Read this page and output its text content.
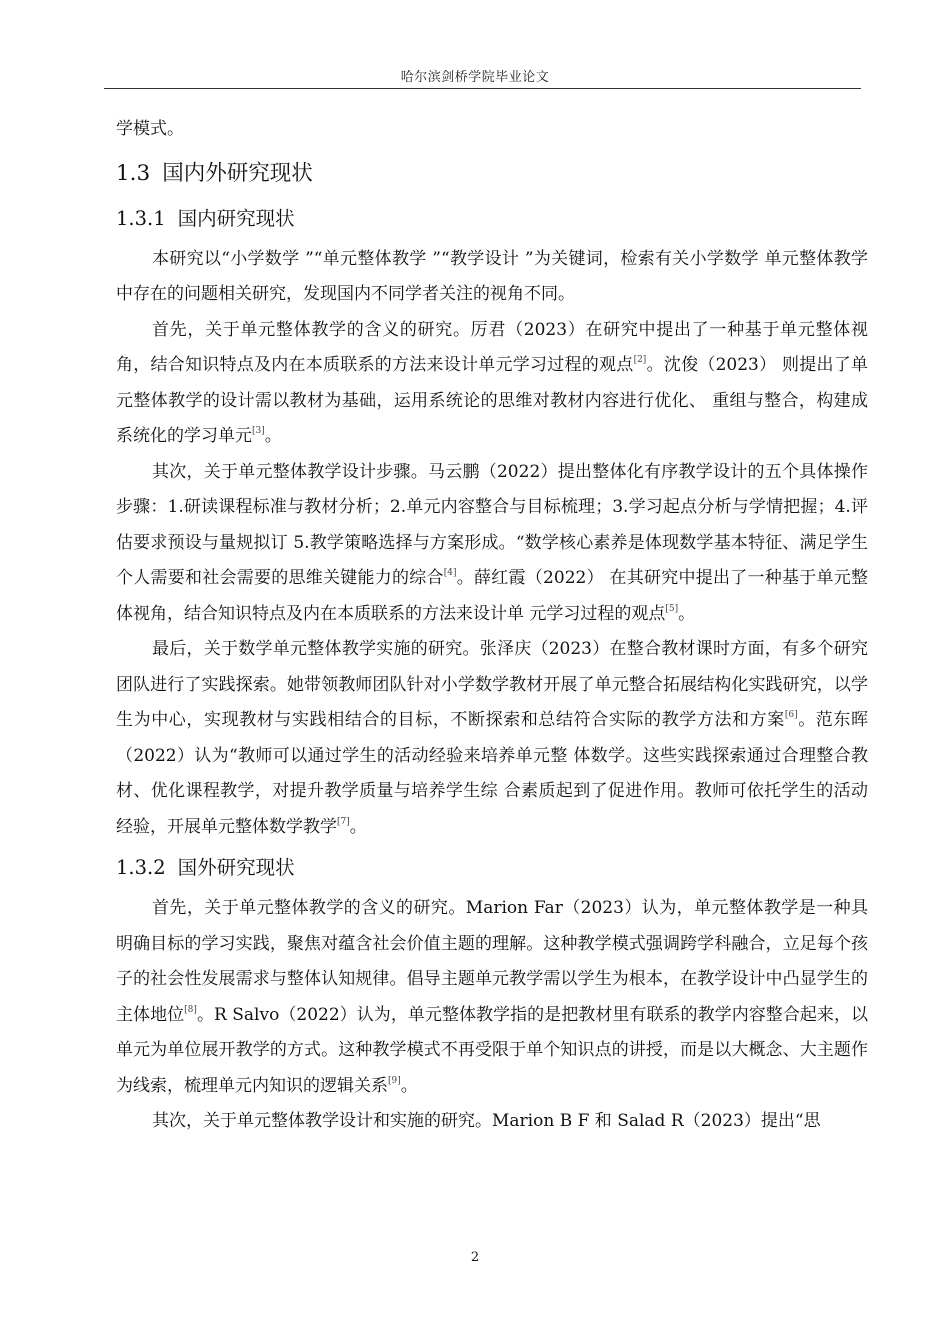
哈尔滨剑桥学院毕业论文

学模式。

1.3 国内外研究现状
1.3.1 国内研究现状

本研究以“小学数学 ”“单元整体教学 ”“教学设计 ”为关键词，检索有关小学数学 单元整体教学中存在的问题相关研究，发现国内不同学者关注的视角不同。

首先，关于单元整体教学的含义的研究。厉君（2023）在研究中提出了一种基于单元整体视角，结合知识特点及内在本质联系的方法来设计单元学习过程的观点[2]。沈俊（2023） 则提出了单元整体教学的设计需以教材为基础，运用系统论的思维对教材内容进行优化、 重组与整合，构建成系统化的学习单元[3]。

其次，关于单元整体教学设计步骤。马云鹏（2022）提出整体化有序教学设计的五个具体操作步骤：1.研读课程标准与教材分析；2.单元内容整合与目标梳理；3.学习起点分析与学情把握；4.评估要求预设与量规拟订 5.教学策略选择与方案形成。“数学核心素养是体现数学基本特征、满足学生个人需要和社会需要的思维关键能力的综合[4]。薛红霞（2022） 在其研究中提出了一种基于单元整体视角，结合知识特点及内在本质联系的方法来设计单 元学习过程的观点[5]。

最后，关于数学单元整体教学实施的研究。张泽庆（2023）在整合教材课时方面，有多个研究团队进行了实践探索。她带领教师团队针对小学数学教材开展了单元整合拓展结构化实践研究，以学生为中心，实现教材与实践相结合的目标，不断探索和总结符合实际的教学方法和方案[6]。范东晖（2022）认为“教师可以通过学生的活动经验来培养单元整 体数学。这些实践探索通过合理整合教材、优化课程教学，对提升教学质量与培养学生综 合素质起到了促进作用。教师可依托学生的活动经验，开展单元整体数学教学[7]。

1.3.2 国外研究现状

首先，关于单元整体教学的含义的研究。Marion Far（2023）认为，单元整体教学是一种具明确目标的学习实践，聚焦对蕴含社会价值主题的理解。这种教学模式强调跨学科融合，立足每个孩子的社会性发展需求与整体认知规律。倡导主题单元教学需以学生为根本，在教学设计中凸显学生的主体地位[8]。R Salvo（2022）认为，单元整体教学指的是把教材里有联系的教学内容整合起来，以单元为单位展开教学的方式。这种教学模式不再受限于单个知识点的讲授，而是以大概念、大主题作为线索，梳理单元内知识的逻辑关系[9]。

其次，关于单元整体教学设计和实施的研究。Marion B F 和 Salad R（2023）提出“思

2
